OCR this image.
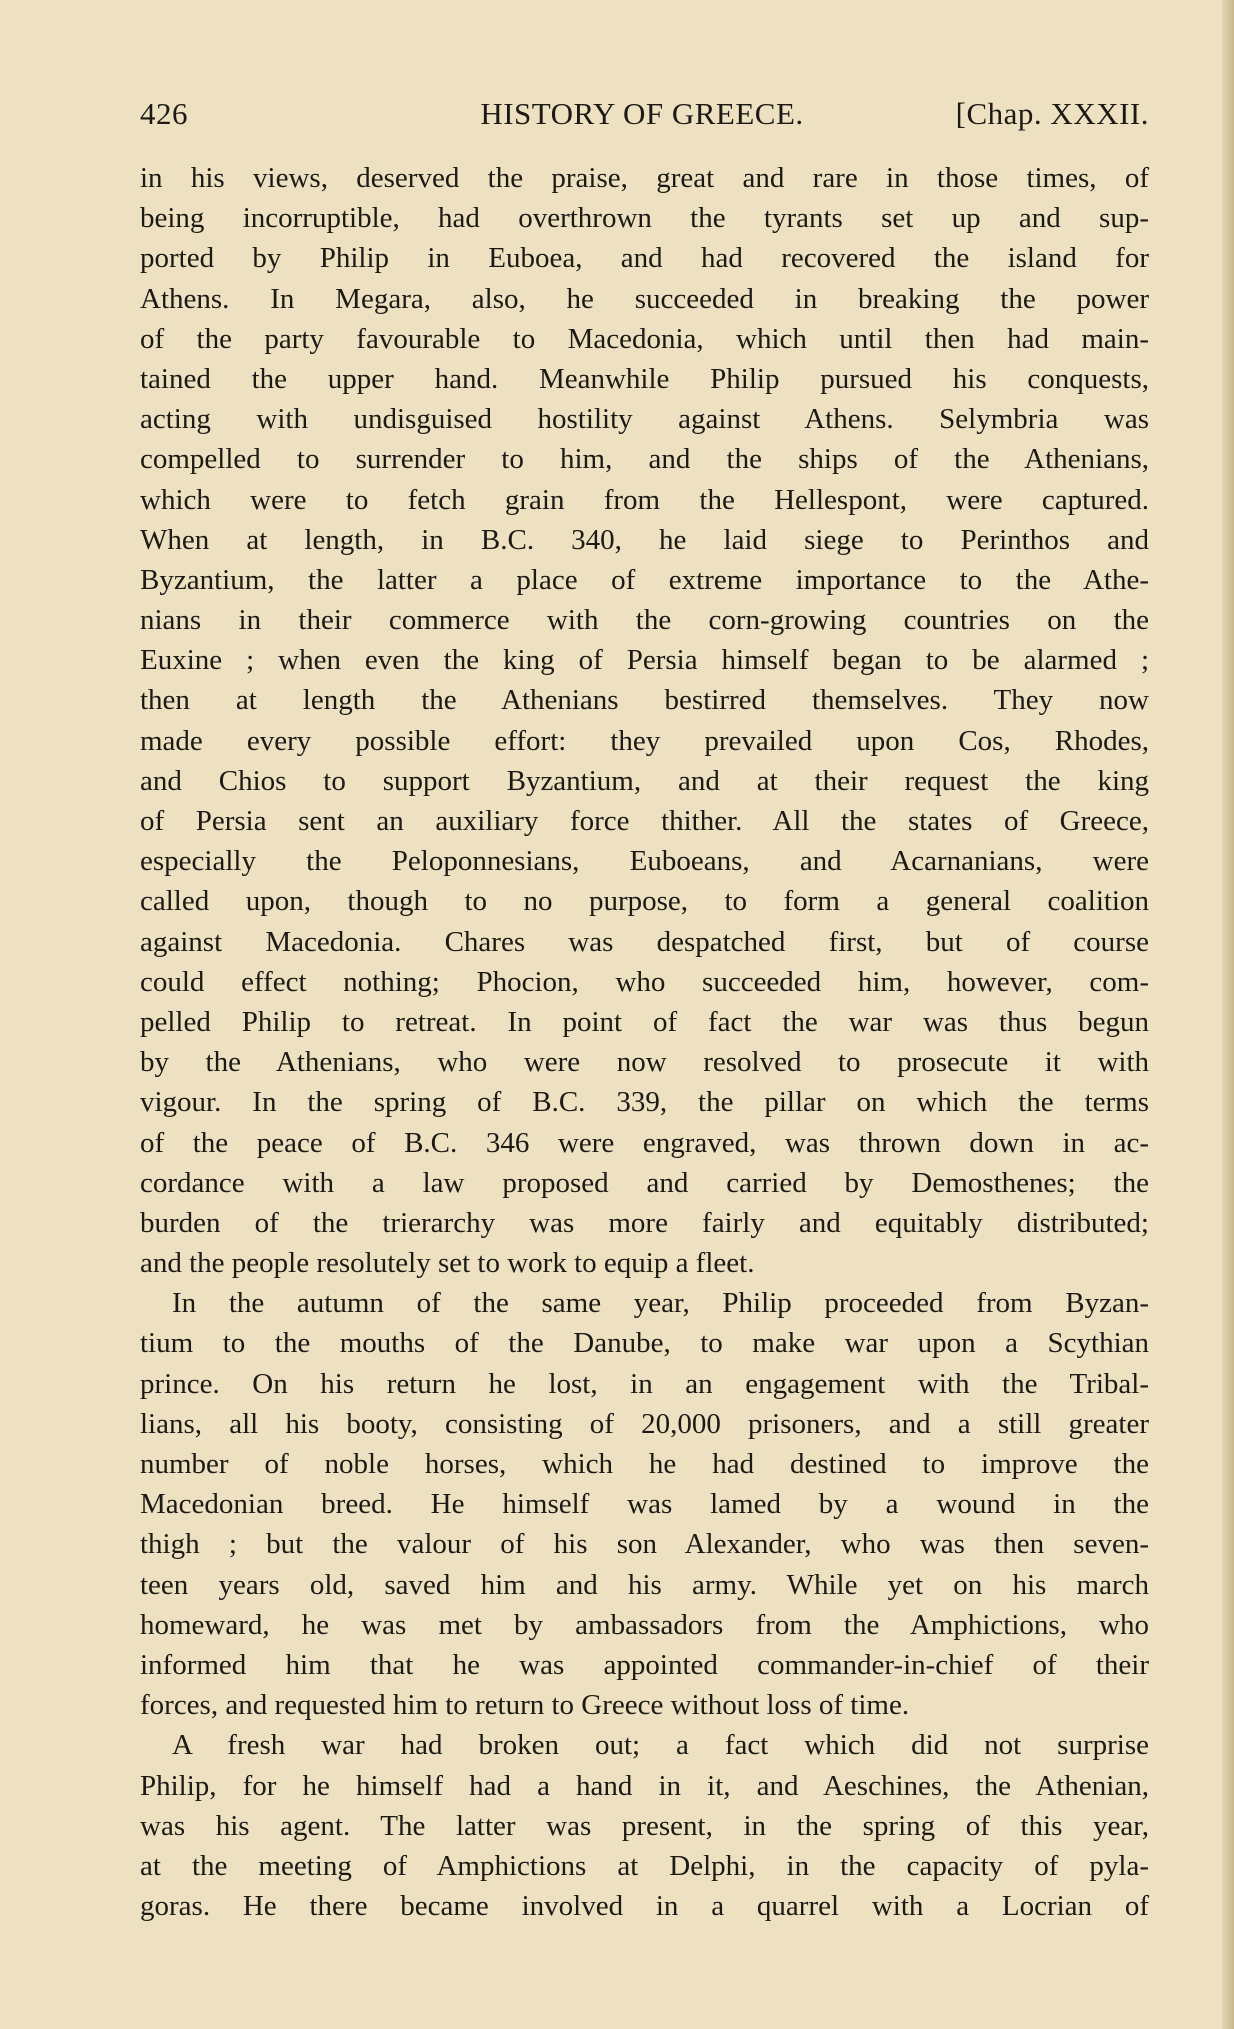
426	HISTORY OF GREECE.	[Chap. XXXII.
in his views, deserved the praise, great and rare in those times, of
being incorruptible, had overthrown the tyrants set up and sup-
ported by Philip in Euboea, and had recovered the island for
Athens. In Megara, also, he succeeded in breaking the power
of the party favourable to Macedonia, which until then had main-
tained the upper hand. Meanwhile Philip pursued his conquests,
acting with undisguised hostility against Athens. Selymbria was
compelled to surrender to him, and the ships of the Athenians,
which were to fetch grain from the Hellespont, were captured.
When at length, in B.C. 340, he laid siege to Perinthos and
Byzantium, the latter a place of extreme importance to the Athe-
nians in their commerce with the corn-growing countries on the
Euxine ; when even the king of Persia himself began to be alarmed ;
then at length the Athenians bestirred themselves. They now
made every possible effort: they prevailed upon Cos, Rhodes,
and Chios to support Byzantium, and at their request the king
of Persia sent an auxiliary force thither. All the states of Greece,
especially the Peloponnesians, Euboeans, and Acarnanians, were
called upon, though to no purpose, to form a general coalition
against Macedonia. Chares was despatched first, but of course
could effect nothing; Phocion, who succeeded him, however, com-
pelled Philip to retreat. In point of fact the war was thus begun
by the Athenians, who were now resolved to prosecute it with
vigour. In the spring of B.C. 339, the pillar on which the terms
of the peace of B.C. 346 were engraved, was thrown down in ac-
cordance with a law proposed and carried by Demosthenes; the
burden of the trierarchy was more fairly and equitably distributed;
and the people resolutely set to work to equip a fleet.
In the autumn of the same year, Philip proceeded from Byzan-
tium to the mouths of the Danube, to make war upon a Scythian
prince. On his return he lost, in an engagement with the Tribal-
lians, all his booty, consisting of 20,000 prisoners, and a still greater
number of noble horses, which he had destined to improve the
Macedonian breed. He himself was lamed by a wound in the
thigh ; but the valour of his son Alexander, who was then seven-
teen years old, saved him and his army. While yet on his march
homeward, he was met by ambassadors from the Amphictions, who
informed him that he was appointed commander-in-chief of their
forces, and requested him to return to Greece without loss of time.
A fresh war had broken out; a fact which did not surprise
Philip, for he himself had a hand in it, and Aeschines, the Athenian,
was his agent. The latter was present, in the spring of this year,
at the meeting of Amphictions at Delphi, in the capacity of pyla-
goras. He there became involved in a quarrel with a Locrian of
